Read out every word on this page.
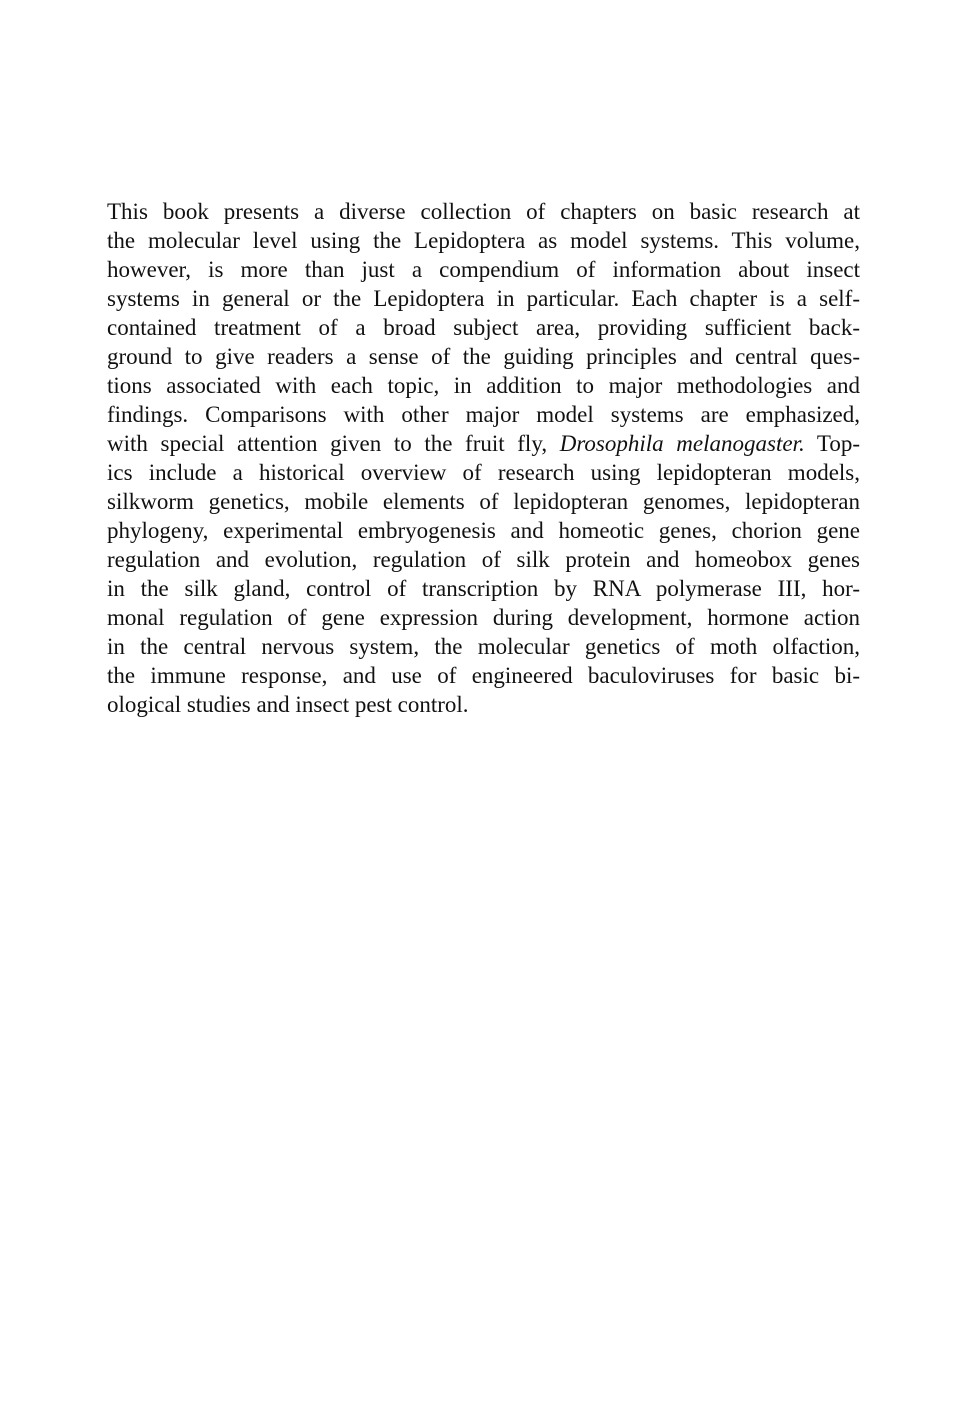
This book presents a diverse collection of chapters on basic research at
the molecular level using the Lepidoptera as model systems. This volume,
however, is more than just a compendium of information about insect
systems in general or the Lepidoptera in particular. Each chapter is a self-
contained treatment of a broad subject area, providing sufficient back-
ground to give readers a sense of the guiding principles and central ques-
tions associated with each topic, in addition to major methodologies and
findings. Comparisons with other major model systems are emphasized,
with special attention given to the fruit fly, Drosophila melanogaster. Top-
ics include a historical overview of research using lepidopteran models,
silkworm genetics, mobile elements of lepidopteran genomes, lepidopteran
phylogeny, experimental embryogenesis and homeotic genes, chorion gene
regulation and evolution, regulation of silk protein and homeobox genes
in the silk gland, control of transcription by RNA polymerase III, hor-
monal regulation of gene expression during development, hormone action
in the central nervous system, the molecular genetics of moth olfaction,
the immune response, and use of engineered baculoviruses for basic bi-
ological studies and insect pest control.
